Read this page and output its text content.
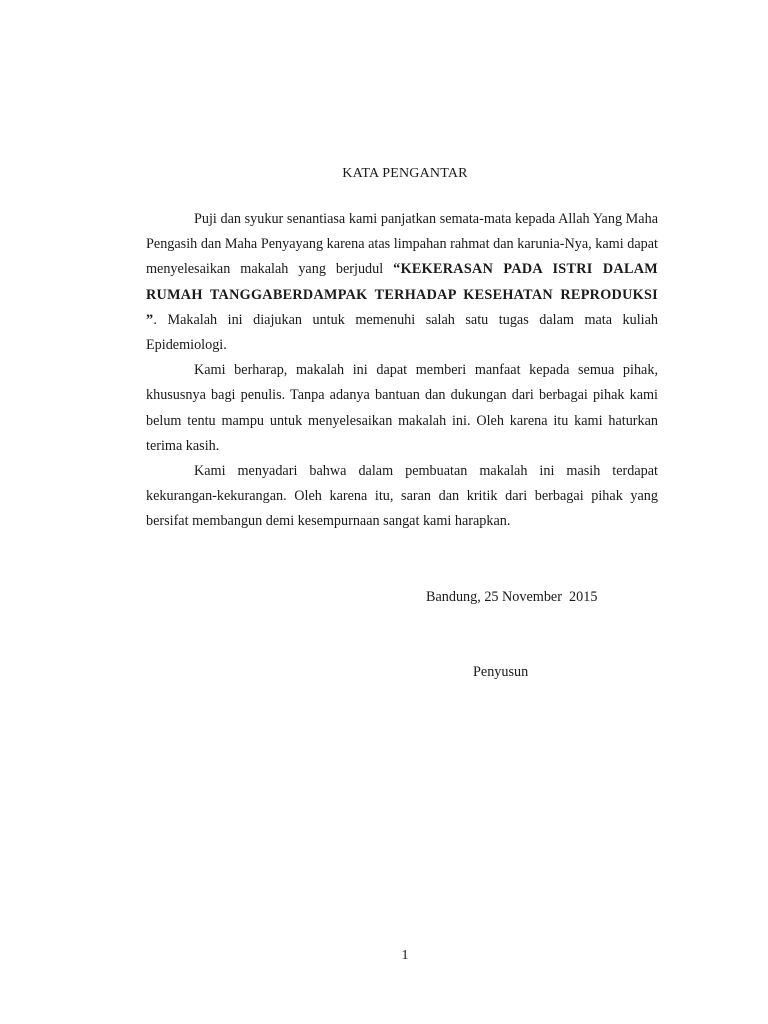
KATA PENGANTAR

Puji dan syukur senantiasa kami panjatkan semata-mata kepada Allah Yang Maha Pengasih dan Maha Penyayang karena atas limpahan rahmat dan karunia-Nya, kami dapat menyelesaikan makalah yang berjudul “KEKERASAN PADA ISTRI DALAM RUMAH TANGGABERDAMPAK TERHADAP KESEHATAN REPRODUKSI ”. Makalah ini diajukan untuk memenuhi salah satu tugas dalam mata kuliah Epidemiologi.

Kami berharap, makalah ini dapat memberi manfaat kepada semua pihak, khususnya bagi penulis. Tanpa adanya bantuan dan dukungan dari berbagai pihak kami belum tentu mampu untuk menyelesaikan makalah ini. Oleh karena itu kami haturkan terima kasih.

Kami menyadari bahwa dalam pembuatan makalah ini masih terdapat kekurangan-kekurangan. Oleh karena itu, saran dan kritik dari berbagai pihak yang bersifat membangun demi kesempurnaan sangat kami harapkan.

Bandung, 25 November  2015
Penyusun
1
